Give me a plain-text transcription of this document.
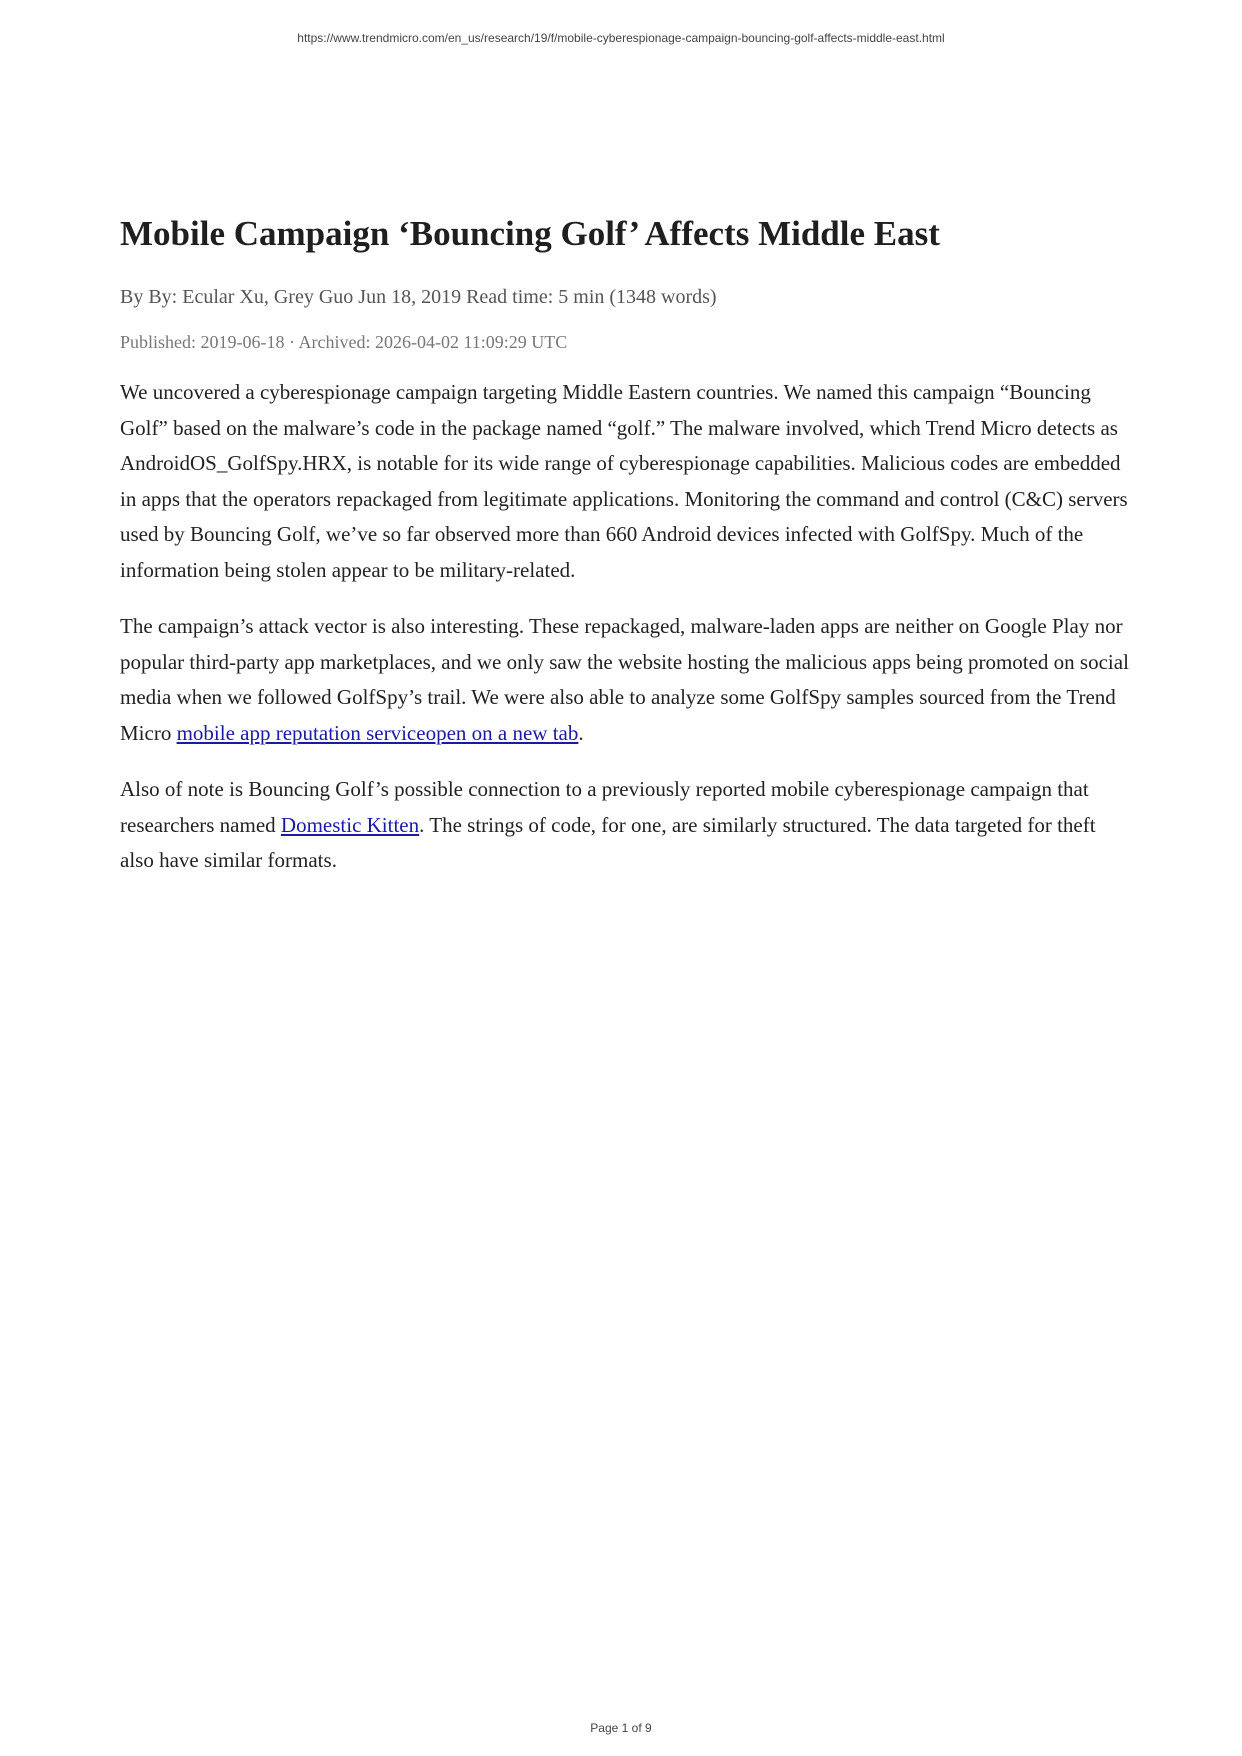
https://www.trendmicro.com/en_us/research/19/f/mobile-cyberespionage-campaign-bouncing-golf-affects-middle-east.html
Mobile Campaign ‘Bouncing Golf’ Affects Middle East

By By: Ecular Xu, Grey Guo Jun 18, 2019 Read time: 5 min (1348 words)

Published: 2019-06-18 · Archived: 2026-04-02 11:09:29 UTC

We uncovered a cyberespionage campaign targeting Middle Eastern countries. We named this campaign “Bouncing Golf” based on the malware’s code in the package named “golf.” The malware involved, which Trend Micro detects as AndroidOS_GolfSpy.HRX, is notable for its wide range of cyberespionage capabilities. Malicious codes are embedded in apps that the operators repackaged from legitimate applications. Monitoring the command and control (C&C) servers used by Bouncing Golf, we’ve so far observed more than 660 Android devices infected with GolfSpy. Much of the information being stolen appear to be military-related.

The campaign’s attack vector is also interesting. These repackaged, malware-laden apps are neither on Google Play nor popular third-party app marketplaces, and we only saw the website hosting the malicious apps being promoted on social media when we followed GolfSpy’s trail. We were also able to analyze some GolfSpy samples sourced from the Trend Micro mobile app reputation serviceopen on a new tab.

Also of note is Bouncing Golf’s possible connection to a previously reported mobile cyberespionage campaign that researchers named Domestic Kitten. The strings of code, for one, are similarly structured. The data targeted for theft also have similar formats.

Page 1 of 9
